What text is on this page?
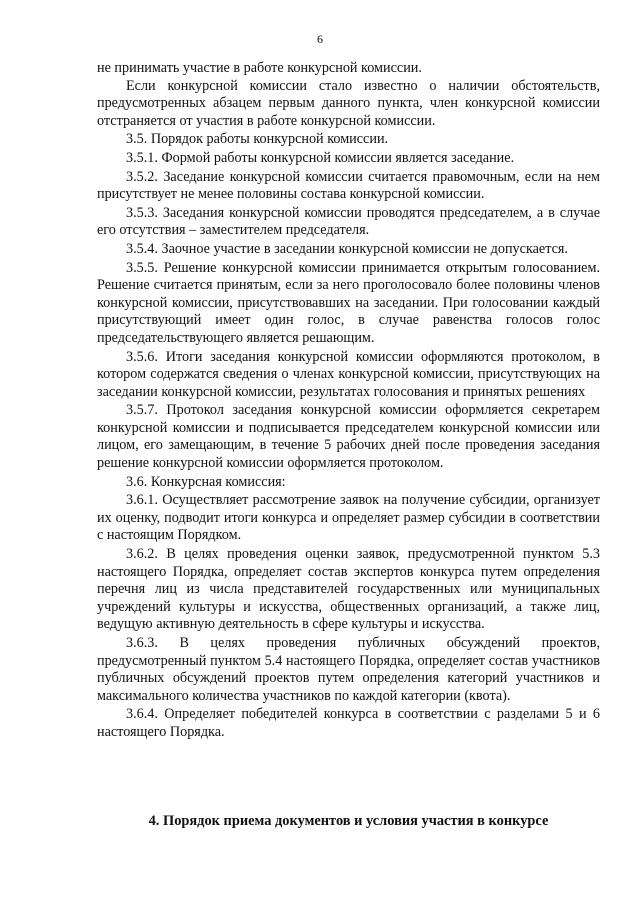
6

не принимать участие в работе конкурсной комиссии.

Если конкурсной комиссии стало известно о наличии обстоятельств, предусмотренных абзацем первым данного пункта, член конкурсной комиссии отстраняется от участия в работе конкурсной комиссии.

3.5. Порядок работы конкурсной комиссии.

3.5.1. Формой работы конкурсной комиссии является заседание.

3.5.2. Заседание конкурсной комиссии считается правомочным, если на нем присутствует не менее половины состава конкурсной комиссии.

3.5.3. Заседания конкурсной комиссии проводятся председателем, а в случае его отсутствия – заместителем председателя.

3.5.4. Заочное участие в заседании конкурсной комиссии не допускается.

3.5.5. Решение конкурсной комиссии принимается открытым голосованием. Решение считается принятым, если за него проголосовало более половины членов конкурсной комиссии, присутствовавших на заседании. При голосовании каждый присутствующий имеет один голос, в случае равенства голосов голос председательствующего является решающим.

3.5.6. Итоги заседания конкурсной комиссии оформляются протоколом, в котором содержатся сведения о членах конкурсной комиссии, присутствующих на заседании конкурсной комиссии, результатах голосования и принятых решениях

3.5.7. Протокол заседания конкурсной комиссии оформляется секретарем конкурсной комиссии и подписывается председателем конкурсной комиссии или лицом, его замещающим, в течение 5 рабочих дней после проведения заседания решение конкурсной комиссии оформляется протоколом.

3.6. Конкурсная комиссия:

3.6.1. Осуществляет рассмотрение заявок на получение субсидии, организует их оценку, подводит итоги конкурса и определяет размер субсидии в соответствии с настоящим Порядком.

3.6.2. В целях проведения оценки заявок, предусмотренной пунктом 5.3 настоящего Порядка, определяет состав экспертов конкурса путем определения перечня лиц из числа представителей государственных или муниципальных учреждений культуры и искусства, общественных организаций, а также лиц, ведущую активную деятельность в сфере культуры и искусства.

3.6.3. В целях проведения публичных обсуждений проектов, предусмотренный пунктом 5.4 настоящего Порядка, определяет состав участников публичных обсуждений проектов путем определения категорий участников и максимального количества участников по каждой категории (квота).

3.6.4. Определяет победителей конкурса в соответствии с разделами 5 и 6 настоящего Порядка.

4. Порядок приема документов и условия участия в конкурсе
